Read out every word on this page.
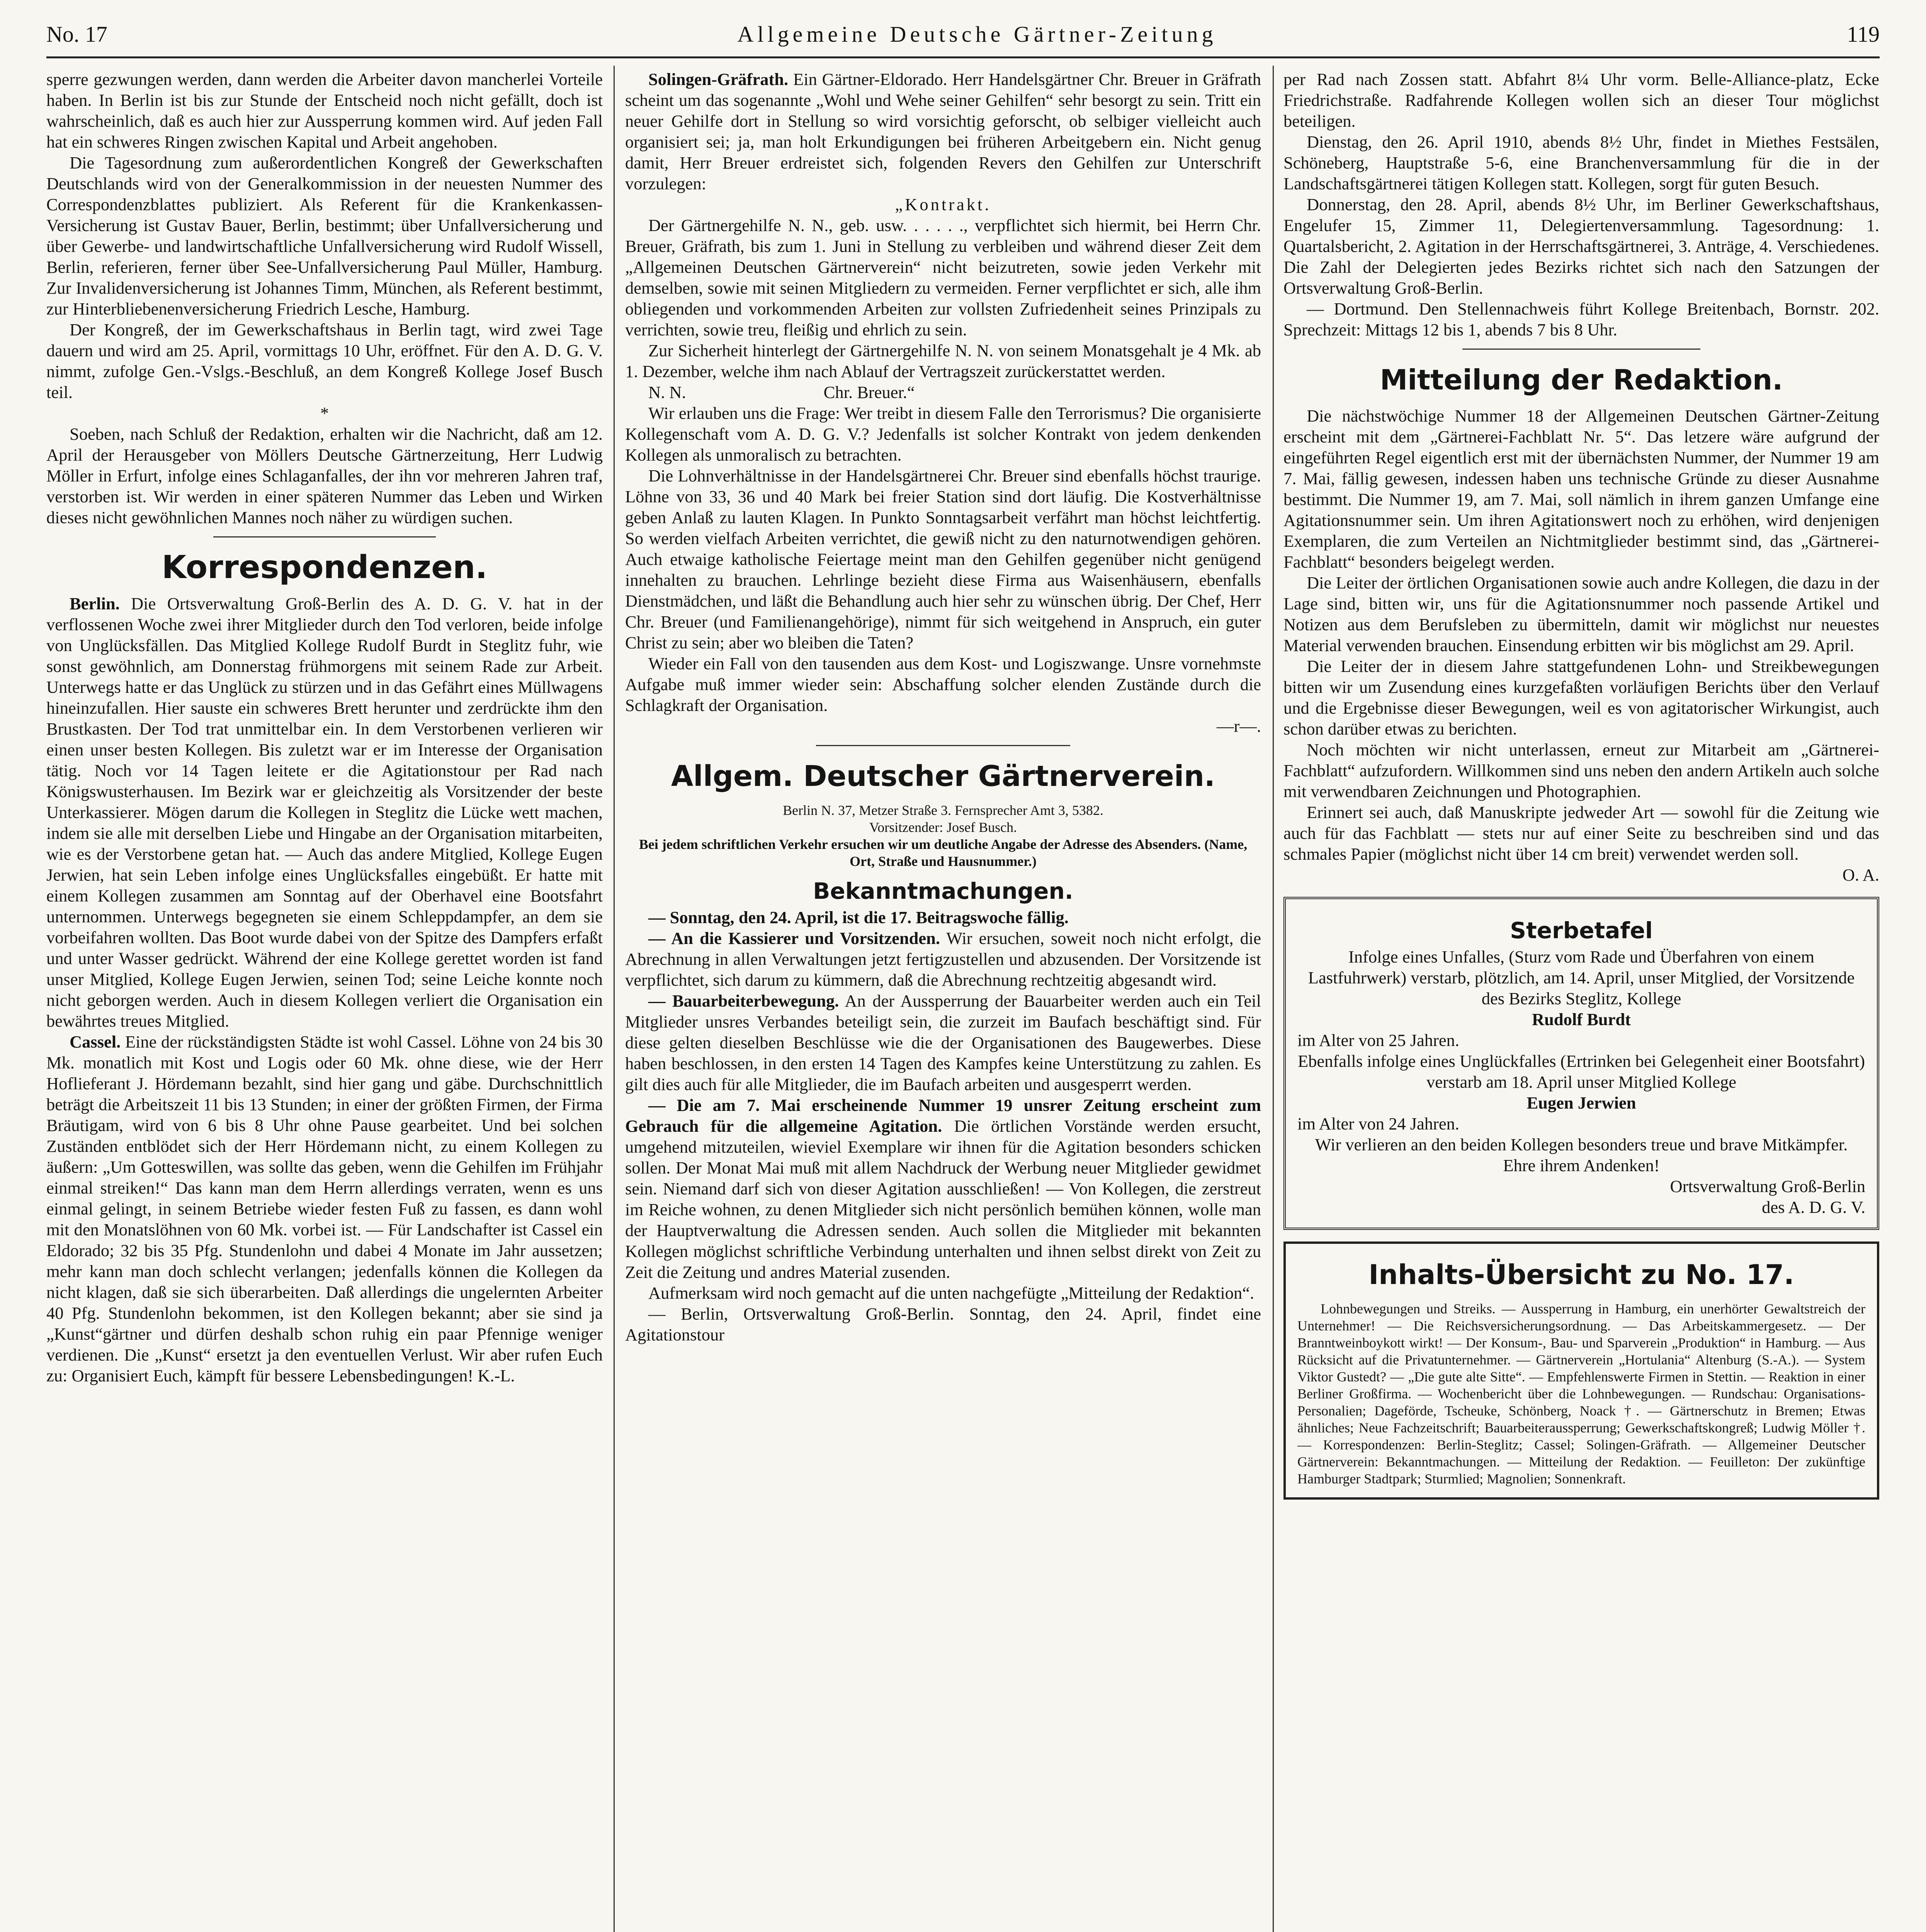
No. 17	Allgemeine Deutsche Gärtner-Zeitung	119

sperre gezwungen werden, dann werden die Arbeiter davon mancherlei Vorteile haben. In Berlin ist bis zur Stunde der Entscheid noch nicht gefällt, doch ist wahrscheinlich, daß es auch hier zur Aussperrung kommen wird. Auf jeden Fall hat ein schweres Ringen zwischen Kapital und Arbeit angehoben.

Die Tagesordnung zum außerordentlichen Kongreß der Gewerkschaften Deutschlands wird von der Generalkommission in der neuesten Nummer des Correspondenzblattes publiziert. Als Referent für die Krankenkassen-Versicherung ist Gustav Bauer, Berlin, bestimmt; über Unfallversicherung und über Gewerbe- und landwirtschaftliche Unfallversicherung wird Rudolf Wissell, Berlin, referieren, ferner über See-Unfallversicherung Paul Müller, Hamburg. Zur Invalidenversicherung ist Johannes Timm, München, als Referent bestimmt, zur Hinterbliebenenversicherung Friedrich Lesche, Hamburg.

Der Kongreß, der im Gewerkschaftshaus in Berlin tagt, wird zwei Tage dauern und wird am 25. April, vormittags 10 Uhr, eröffnet. Für den A. D. G. V. nimmt, zufolge Gen.-Vslgs.-Beschluß, an dem Kongreß Kollege Josef Busch teil.

*

Soeben, nach Schluß der Redaktion, erhalten wir die Nachricht, daß am 12. April der Herausgeber von Möllers Deutsche Gärtnerzeitung, Herr Ludwig Möller in Erfurt, infolge eines Schlaganfalles, der ihn vor mehreren Jahren traf, verstorben ist. Wir werden in einer späteren Nummer das Leben und Wirken dieses nicht gewöhnlichen Mannes noch näher zu würdigen suchen.

Korrespondenzen.

Berlin. Die Ortsverwaltung Groß-Berlin des A. D. G. V. hat in der verflossenen Woche zwei ihrer Mitglieder durch den Tod verloren, beide infolge von Unglücksfällen. Das Mitglied Kollege Rudolf Burdt in Steglitz fuhr, wie sonst gewöhnlich, am Donnerstag frühmorgens mit seinem Rade zur Arbeit. Unterwegs hatte er das Unglück zu stürzen und in das Gefährt eines Müllwagens hineinzufallen. Hier sauste ein schweres Brett herunter und zerdrückte ihm den Brustkasten. Der Tod trat unmittelbar ein. In dem Verstorbenen verlieren wir einen unser besten Kollegen. Bis zuletzt war er im Interesse der Organisation tätig. Noch vor 14 Tagen leitete er die Agitationstour per Rad nach Königswusterhausen. Im Bezirk war er gleichzeitig als Vorsitzender der beste Unterkassierer. Mögen darum die Kollegen in Steglitz die Lücke wett machen, indem sie alle mit derselben Liebe und Hingabe an der Organisation mitarbeiten, wie es der Verstorbene getan hat. — Auch das andere Mitglied, Kollege Eugen Jerwien, hat sein Leben infolge eines Unglücksfalles eingebüßt. Er hatte mit einem Kollegen zusammen am Sonntag auf der Oberhavel eine Bootsfahrt unternommen. Unterwegs begegneten sie einem Schleppdampfer, an dem sie vorbeifahren wollten. Das Boot wurde dabei von der Spitze des Dampfers erfaßt und unter Wasser gedrückt. Während der eine Kollege gerettet worden ist fand unser Mitglied, Kollege Eugen Jerwien, seinen Tod; seine Leiche konnte noch nicht geborgen werden. Auch in diesem Kollegen verliert die Organisation ein bewährtes treues Mitglied.

Cassel. Eine der rückständigsten Städte ist wohl Cassel. Löhne von 24 bis 30 Mk. monatlich mit Kost und Logis oder 60 Mk. ohne diese, wie der Herr Hoflieferant J. Hördemann bezahlt, sind hier gang und gäbe. Durchschnittlich beträgt die Arbeitszeit 11 bis 13 Stunden; in einer der größten Firmen, der Firma Bräutigam, wird von 6 bis 8 Uhr ohne Pause gearbeitet. Und bei solchen Zuständen entblödet sich der Herr Hördemann nicht, zu einem Kollegen zu äußern: „Um Gotteswillen, was sollte das geben, wenn die Gehilfen im Frühjahr einmal streiken!“ Das kann man dem Herrn allerdings verraten, wenn es uns einmal gelingt, in seinem Betriebe wieder festen Fuß zu fassen, es dann wohl mit den Monatslöhnen von 60 Mk. vorbei ist. — Für Landschafter ist Cassel ein Eldorado; 32 bis 35 Pfg. Stundenlohn und dabei 4 Monate im Jahr aussetzen; mehr kann man doch schlecht verlangen; jedenfalls können die Kollegen da nicht klagen, daß sie sich überarbeiten. Daß allerdings die ungelernten Arbeiter 40 Pfg. Stundenlohn bekommen, ist den Kollegen bekannt; aber sie sind ja „Kunst“gärtner und dürfen deshalb schon ruhig ein paar Pfennige weniger verdienen. Die „Kunst“ ersetzt ja den eventuellen Verlust. Wir aber rufen Euch zu: Organisiert Euch, kämpft für bessere Lebensbedingungen! K.-L.

Solingen-Gräfrath. Ein Gärtner-Eldorado. Herr Handelsgärtner Chr. Breuer in Gräfrath scheint um das sogenannte „Wohl und Wehe seiner Gehilfen“ sehr besorgt zu sein. Tritt ein neuer Gehilfe dort in Stellung so wird vorsichtig geforscht, ob selbiger vielleicht auch organisiert sei; ja, man holt Erkundigungen bei früheren Arbeitgebern ein. Nicht genug damit, Herr Breuer erdreistet sich, folgenden Revers den Gehilfen zur Unterschrift vorzulegen:

„Kontrakt.

Der Gärtnergehilfe N. N., geb. usw. . . . . ., verpflichtet sich hiermit, bei Herrn Chr. Breuer, Gräfrath, bis zum 1. Juni in Stellung zu verbleiben und während dieser Zeit dem „Allgemeinen Deutschen Gärtnerverein“ nicht beizutreten, sowie jeden Verkehr mit demselben, sowie mit seinen Mitgliedern zu vermeiden. Ferner verpflichtet er sich, alle ihm obliegenden und vorkommenden Arbeiten zur vollsten Zufriedenheit seines Prinzipals zu verrichten, sowie treu, fleißig und ehrlich zu sein.

Zur Sicherheit hinterlegt der Gärtnergehilfe N. N. von seinem Monatsgehalt je 4 Mk. ab 1. Dezember, welche ihm nach Ablauf der Vertragszeit zurückerstattet werden.

N. N.                                Chr. Breuer.“

Wir erlauben uns die Frage: Wer treibt in diesem Falle den Terrorismus? Die organisierte Kollegenschaft vom A. D. G. V.? Jedenfalls ist solcher Kontrakt von jedem denkenden Kollegen als unmoralisch zu betrachten.

Die Lohnverhältnisse in der Handelsgärtnerei Chr. Breuer sind ebenfalls höchst traurige. Löhne von 33, 36 und 40 Mark bei freier Station sind dort läufig. Die Kostverhältnisse geben Anlaß zu lauten Klagen. In Punkto Sonntagsarbeit verfährt man höchst leichtfertig. So werden vielfach Arbeiten verrichtet, die gewiß nicht zu den naturnotwendigen gehören. Auch etwaige katholische Feiertage meint man den Gehilfen gegenüber nicht genügend innehalten zu brauchen. Lehrlinge bezieht diese Firma aus Waisenhäusern, ebenfalls Dienstmädchen, und läßt die Behandlung auch hier sehr zu wünschen übrig. Der Chef, Herr Chr. Breuer (und Familienangehörige), nimmt für sich weitgehend in Anspruch, ein guter Christ zu sein; aber wo bleiben die Taten?

Wieder ein Fall von den tausenden aus dem Kost- und Logiszwange. Unsre vornehmste Aufgabe muß immer wieder sein: Abschaffung solcher elenden Zustände durch die Schlagkraft der Organisation.

—r—.

Allgem. Deutscher Gärtnerverein.

Berlin N. 37, Metzer Straße 3. Fernsprecher Amt 3, 5382.

Vorsitzender: Josef Busch.

Bei jedem schriftlichen Verkehr ersuchen wir um deutliche Angabe der Adresse des Absenders. (Name, Ort, Straße und Hausnummer.)

Bekanntmachungen.

— Sonntag, den 24. April, ist die 17. Beitragswoche fällig.

— An die Kassierer und Vorsitzenden. Wir ersuchen, soweit noch nicht erfolgt, die Abrechnung in allen Verwaltungen jetzt fertigzustellen und abzusenden. Der Vorsitzende ist verpflichtet, sich darum zu kümmern, daß die Abrechnung rechtzeitig abgesandt wird.

— Bauarbeiterbewegung. An der Aussperrung der Bauarbeiter werden auch ein Teil Mitglieder unsres Verbandes beteiligt sein, die zurzeit im Baufach beschäftigt sind. Für diese gelten dieselben Beschlüsse wie die der Organisationen des Baugewerbes. Diese haben beschlossen, in den ersten 14 Tagen des Kampfes keine Unterstützung zu zahlen. Es gilt dies auch für alle Mitglieder, die im Baufach arbeiten und ausgesperrt werden.

— Die am 7. Mai erscheinende Nummer 19 unsrer Zeitung erscheint zum Gebrauch für die allgemeine Agitation. Die örtlichen Vorstände werden ersucht, umgehend mitzuteilen, wieviel Exemplare wir ihnen für die Agitation besonders schicken sollen. Der Monat Mai muß mit allem Nachdruck der Werbung neuer Mitglieder gewidmet sein. Niemand darf sich von dieser Agitation ausschließen! — Von Kollegen, die zerstreut im Reiche wohnen, zu denen Mitglieder sich nicht persönlich bemühen können, wolle man der Hauptverwaltung die Adressen senden. Auch sollen die Mitglieder mit bekannten Kollegen möglichst schriftliche Verbindung unterhalten und ihnen selbst direkt von Zeit zu Zeit die Zeitung und andres Material zusenden.

Aufmerksam wird noch gemacht auf die unten nachgefügte „Mitteilung der Redaktion“.

— Berlin, Ortsverwaltung Groß-Berlin. Sonntag, den 24. April, findet eine Agitationstour

per Rad nach Zossen statt. Abfahrt 8¼ Uhr vorm. Belle-Alliance-platz, Ecke Friedrichstraße. Radfahrende Kollegen wollen sich an dieser Tour möglichst beteiligen.

Dienstag, den 26. April 1910, abends 8½ Uhr, findet in Miethes Festsälen, Schöneberg, Hauptstraße 5-6, eine Branchenversammlung für die in der Landschaftsgärtnerei tätigen Kollegen statt. Kollegen, sorgt für guten Besuch.

Donnerstag, den 28. April, abends 8½ Uhr, im Berliner Gewerkschaftshaus, Engelufer 15, Zimmer 11, Delegiertenversammlung. Tagesordnung: 1. Quartalsbericht, 2. Agitation in der Herrschaftsgärtnerei, 3. Anträge, 4. Verschiedenes. Die Zahl der Delegierten jedes Bezirks richtet sich nach den Satzungen der Ortsverwaltung Groß-Berlin.

— Dortmund. Den Stellennachweis führt Kollege Breitenbach, Bornstr. 202. Sprechzeit: Mittags 12 bis 1, abends 7 bis 8 Uhr.

Mitteilung der Redaktion.

Die nächstwöchige Nummer 18 der Allgemeinen Deutschen Gärtner-Zeitung erscheint mit dem „Gärtnerei-Fachblatt Nr. 5“. Das letzere wäre aufgrund der eingeführten Regel eigentlich erst mit der übernächsten Nummer, der Nummer 19 am 7. Mai, fällig gewesen, indessen haben uns technische Gründe zu dieser Ausnahme bestimmt. Die Nummer 19, am 7. Mai, soll nämlich in ihrem ganzen Umfange eine Agitationsnummer sein. Um ihren Agitationswert noch zu erhöhen, wird denjenigen Exemplaren, die zum Verteilen an Nichtmitglieder bestimmt sind, das „Gärtnerei-Fachblatt“ besonders beigelegt werden.

Die Leiter der örtlichen Organisationen sowie auch andre Kollegen, die dazu in der Lage sind, bitten wir, uns für die Agitationsnummer noch passende Artikel und Notizen aus dem Berufsleben zu übermitteln, damit wir möglichst nur neuestes Material verwenden brauchen. Einsendung erbitten wir bis möglichst am 29. April.

Die Leiter der in diesem Jahre stattgefundenen Lohn- und Streikbewegungen bitten wir um Zusendung eines kurzgefaßten vorläufigen Berichts über den Verlauf und die Ergebnisse dieser Bewegungen, weil es von agitatorischer Wirkungist, auch schon darüber etwas zu berichten.

Noch möchten wir nicht unterlassen, erneut zur Mitarbeit am „Gärtnerei-Fachblatt“ aufzufordern. Willkommen sind uns neben den andern Artikeln auch solche mit verwendbaren Zeichnungen und Photographien.

Erinnert sei auch, daß Manuskripte jedweder Art — sowohl für die Zeitung wie auch für das Fachblatt — stets nur auf einer Seite zu beschreiben sind und das schmales Papier (möglichst nicht über 14 cm breit) verwendet werden soll.

O. A.

Sterbetafel

Infolge eines Unfalles, (Sturz vom Rade und Überfahren von einem Lastfuhrwerk) verstarb, plötzlich, am 14. April, unser Mitglied, der Vorsitzende des Bezirks Steglitz, Kollege

Rudolf Burdt

im Alter von 25 Jahren.

Ebenfalls infolge eines Unglückfalles (Ertrinken bei Gelegenheit einer Bootsfahrt) verstarb am 18. April unser Mitglied Kollege

Eugen Jerwien

im Alter von 24 Jahren.

Wir verlieren an den beiden Kollegen besonders treue und brave Mitkämpfer.

Ehre ihrem Andenken!

Ortsverwaltung Groß-Berlin

des A. D. G. V.

Inhalts-Übersicht zu No. 17.

Lohnbewegungen und Streiks. — Aussperrung in Hamburg, ein unerhörter Gewaltstreich der Unternehmer! — Die Reichsversicherungsordnung. — Das Arbeitskammergesetz. — Der Branntweinboykott wirkt! — Der Konsum-, Bau- und Sparverein „Produktion“ in Hamburg. — Aus Rücksicht auf die Privatunternehmer. — Gärtnerverein „Hortulania“ Altenburg (S.-A.). — System Viktor Gustedt? — „Die gute alte Sitte“. — Empfehlenswerte Firmen in Stettin. — Reaktion in einer Berliner Großfirma. — Wochenbericht über die Lohnbewegungen. — Rundschau: Organisations-Personalien; Dageförde, Tscheuke, Schönberg, Noack †. — Gärtnerschutz in Bremen; Etwas ähnliches; Neue Fachzeitschrift; Bauarbeiteraussperrung; Gewerkschaftskongreß; Ludwig Möller †. — Korrespondenzen: Berlin-Steglitz; Cassel; Solingen-Gräfrath. — Allgemeiner Deutscher Gärtnerverein: Bekanntmachungen. — Mitteilung der Redaktion. — Feuilleton: Der zukünftige Hamburger Stadtpark; Sturmlied; Magnolien; Sonnenkraft.
